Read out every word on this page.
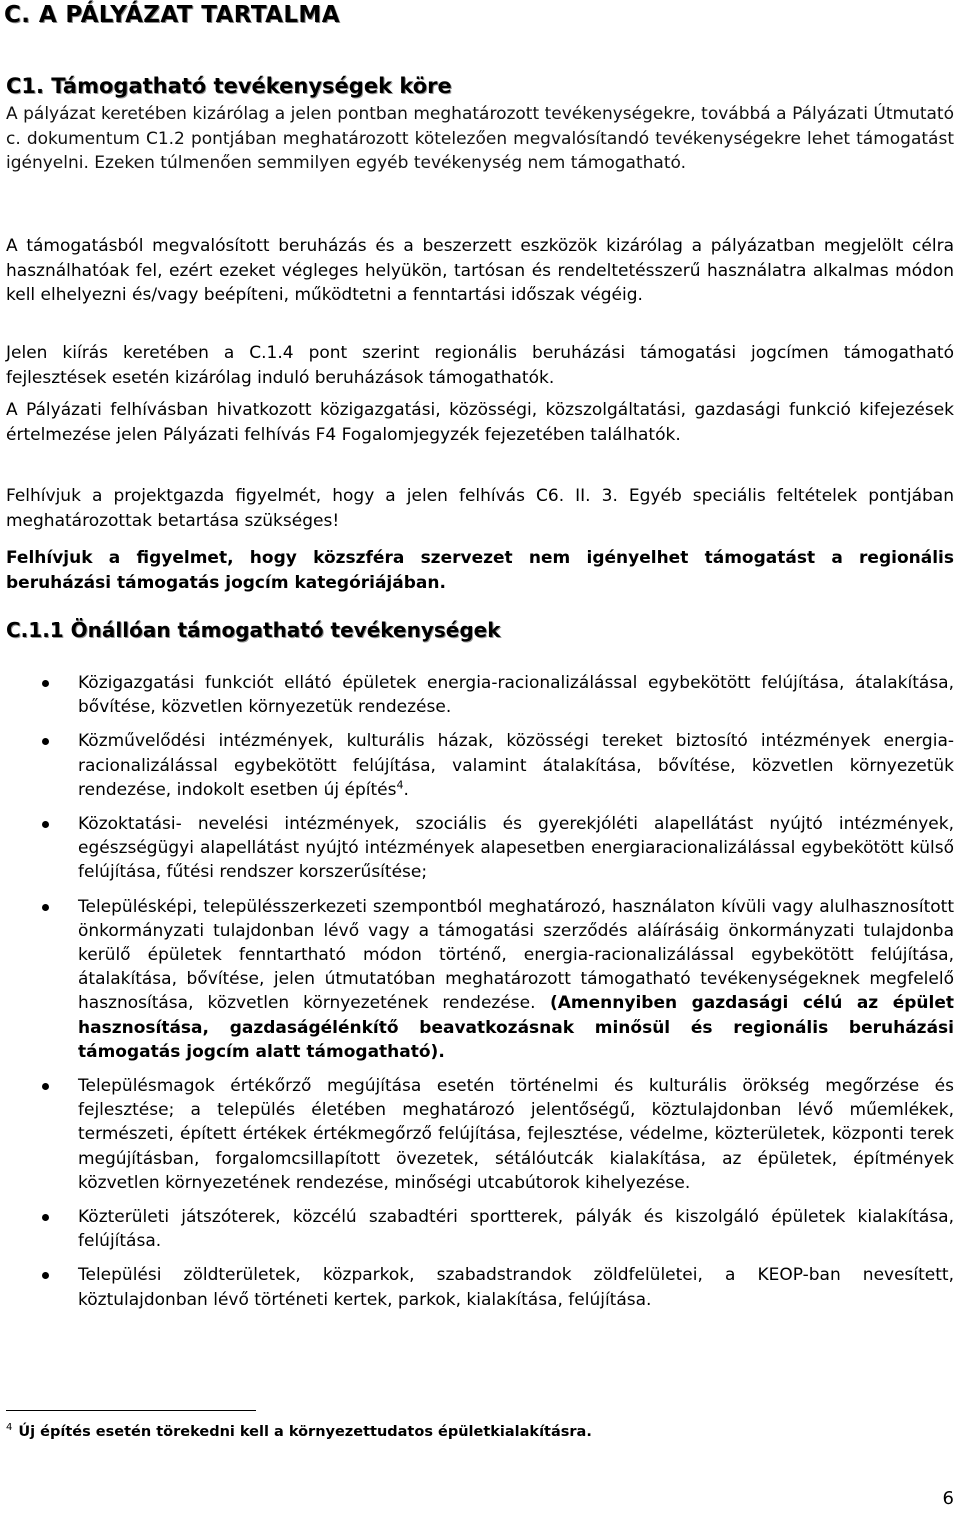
C. A PÁLYÁZAT TARTALMA
C1. Támogatható tevékenységek köre

A pályázat keretében kizárólag a jelen pontban meghatározott tevékenységekre, továbbá a Pályázati Útmutató c. dokumentum C1.2 pontjában meghatározott kötelezően megvalósítandó tevékenységekre lehet támogatást igényelni. Ezeken túlmenően semmilyen egyéb tevékenység nem támogatható.

A támogatásból megvalósított beruházás és a beszerzett eszközök kizárólag a pályázatban megjelölt célra használhatóak fel, ezért ezeket végleges helyükön, tartósan és rendeltetésszerű használatra alkalmas módon kell elhelyezni és/vagy beépíteni, működtetni a fenntartási időszak végéig.

Jelen kiírás keretében a C.1.4 pont szerint regionális beruházási támogatási jogcímen támogatható fejlesztések esetén kizárólag induló beruházások támogathatók.

A Pályázati felhívásban hivatkozott közigazgatási, közösségi, közszolgáltatási, gazdasági funkció kifejezések értelmezése jelen Pályázati felhívás F4 Fogalomjegyzék fejezetében találhatók.

Felhívjuk a projektgazda figyelmét, hogy a jelen felhívás C6. II. 3. Egyéb speciális feltételek pontjában meghatározottak betartása szükséges!

Felhívjuk a figyelmet, hogy közszféra szervezet nem igényelhet támogatást a regionális beruházási támogatás jogcím kategóriájában.

C.1.1 Önállóan támogatható tevékenységek
Közigazgatási funkciót ellátó épületek energia-racionalizálással egybekötött felújítása, átalakítása, bővítése, közvetlen környezetük rendezése.
Közművelődési intézmények, kulturális házak, közösségi tereket biztosító intézmények energia-racionalizálással egybekötött felújítása, valamint átalakítása, bővítése, közvetlen környezetük rendezése, indokolt esetben új építés$^4$.
Közoktatási- nevelési intézmények, szociális és gyerekjóléti alapellátást nyújtó intézmények, egészségügyi alapellátást nyújtó intézmények alapesetben energiaracionalizálással egybekötött külső felújítása, fűtési rendszer korszerűsítése;
Településképi, településszerkezeti szempontból meghatározó, használaton kívüli vagy alulhasznosított önkormányzati tulajdonban lévő vagy a támogatási szerződés aláírásáig önkormányzati tulajdonba kerülő épületek fenntartható módon történő, energia-racionalizálással egybekötött felújítása, átalakítása, bővítése, jelen útmutatóban meghatározott támogatható tevékenységeknek megfelelő hasznosítása, közvetlen környezetének rendezése. (Amennyiben gazdasági célú az épület hasznosítása, gazdaságélénkítő beavatkozásnak minősül és regionális beruházási támogatás jogcím alatt támogatható).
Településmagok értékőrző megújítása esetén történelmi és kulturális örökség megőrzése és fejlesztése; a település életében meghatározó jelentőségű, köztulajdonban lévő műemlékek, természeti, épített értékek értékmegőrző felújítása, fejlesztése, védelme, közterületek, központi terek megújításban, forgalomcsillapított övezetek, sétálóutcák kialakítása, az épületek, építmények közvetlen környezetének rendezése, minőségi utcabútorok kihelyezése.
Közterületi játszóterek, közcélú szabadtéri sportterek, pályák és kiszolgáló épületek kialakítása, felújítása.
Települési zöldterületek, közparkok, szabadstrandok zöldfelületei, a KEOP-ban nevesített, köztulajdonban lévő történeti kertek, parkok, kialakítása, felújítása.
$^4$ Új építés esetén törekedni kell a környezettudatos épületkialakításra.
6
